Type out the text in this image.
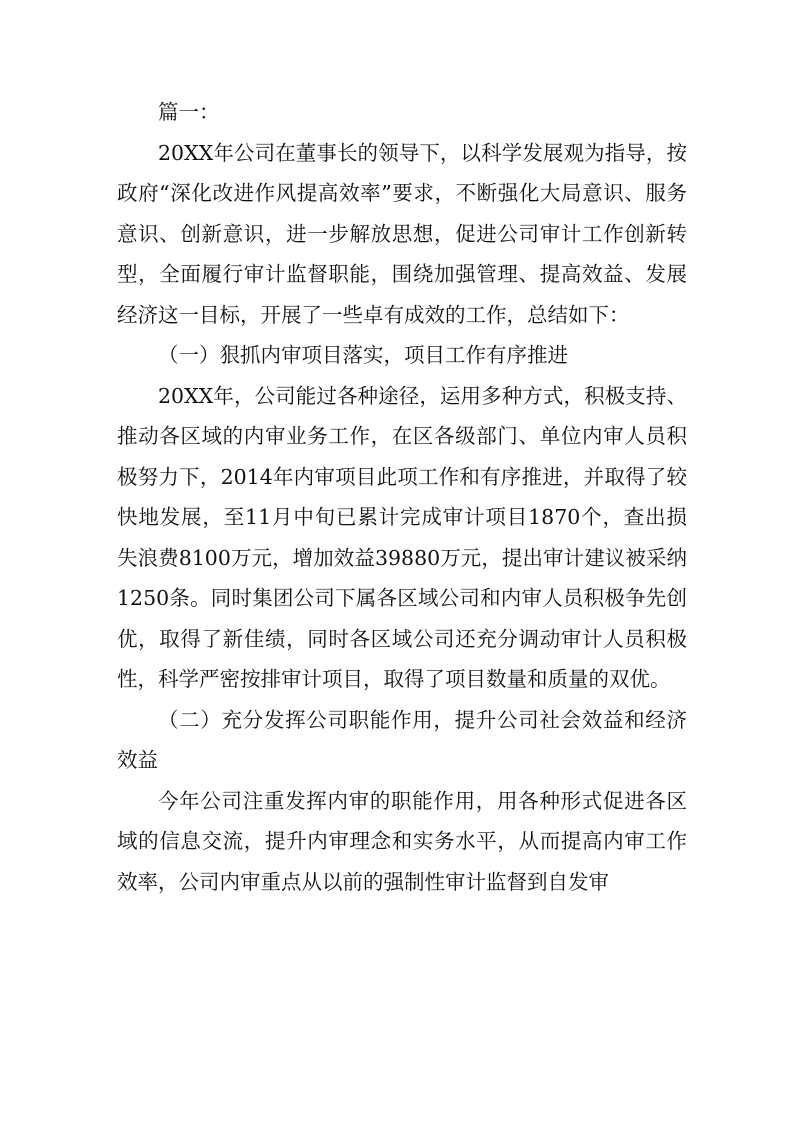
篇一：

20XX年公司在董事长的领导下，以科学发展观为指导，按政府“深化改进作风提高效率”要求，不断强化大局意识、服务意识、创新意识，进一步解放思想，促进公司审计工作创新转型，全面履行审计监督职能，围绕加强管理、提高效益、发展经济这一目标，开展了一些卓有成效的工作，总结如下：

（一）狠抓内审项目落实，项目工作有序推进

20XX年，公司能过各种途径，运用多种方式，积极支持、推动各区域的内审业务工作，在区各级部门、单位内审人员积极努力下，2014年内审项目此项工作和有序推进，并取得了较快地发展，至11月中旬已累计完成审计项目1870个，查出损失浪费8100万元，增加效益39880万元，提出审计建议被采纳1250条。同时集团公司下属各区域公司和内审人员积极争先创优，取得了新佳绩，同时各区域公司还充分调动审计人员积极性，科学严密按排审计项目，取得了项目数量和质量的双优。

（二）充分发挥公司职能作用，提升公司社会效益和经济效益

今年公司注重发挥内审的职能作用，用各种形式促进各区域的信息交流，提升内审理念和实务水平，从而提高内审工作效率，公司内审重点从以前的强制性审计监督到自发审
